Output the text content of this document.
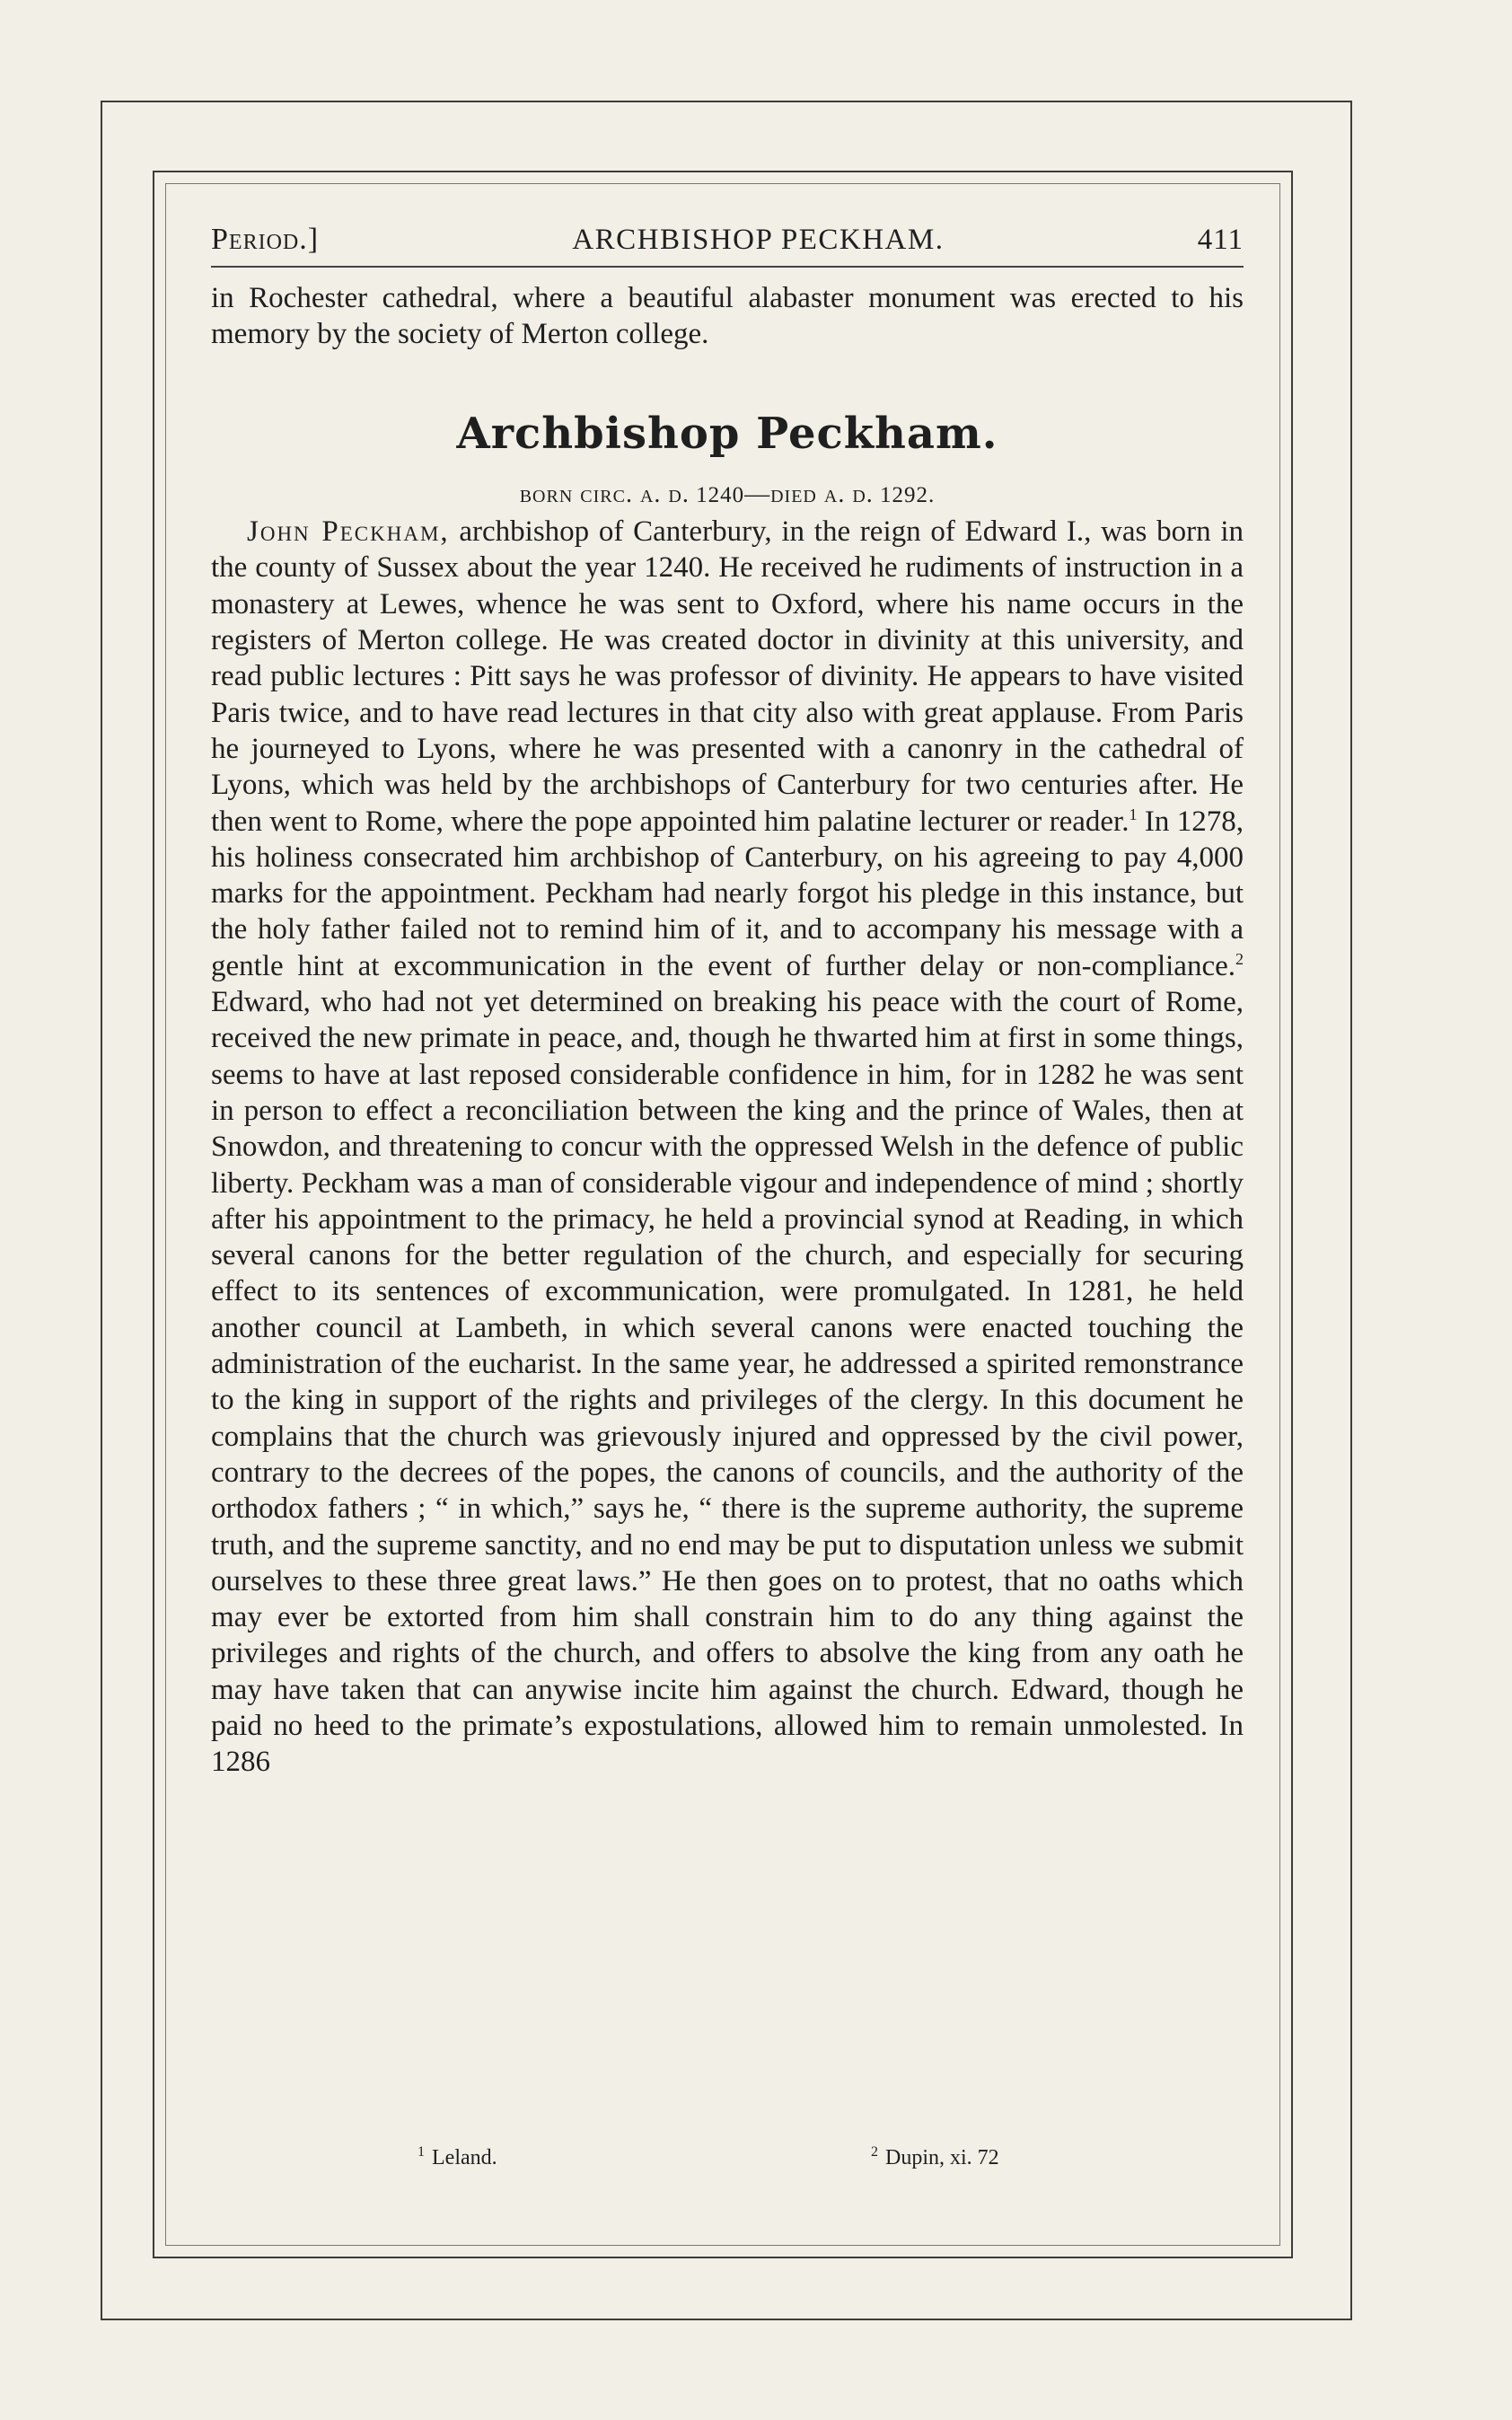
Period.]	ARCHBISHOP PECKHAM.	411

in Rochester cathedral, where a beautiful alabaster monument was erected to his memory by the society of Merton college.

Archbishop Peckham.

born circ. a. d. 1240—died a. d. 1292.

John Peckham, archbishop of Canterbury, in the reign of Edward I., was born in the county of Sussex about the year 1240. He received he rudiments of instruction in a monastery at Lewes, whence he was sent to Oxford, where his name occurs in the registers of Merton college. He was created doctor in divinity at this university, and read public lectures : Pitt says he was professor of divinity. He appears to have visited Paris twice, and to have read lectures in that city also with great applause. From Paris he journeyed to Lyons, where he was presented with a canonry in the cathedral of Lyons, which was held by the archbishops of Canterbury for two centuries after. He then went to Rome, where the pope appointed him palatine lecturer or reader.$^1$ In 1278, his holiness consecrated him archbishop of Canterbury, on his agreeing to pay 4,000 marks for the appointment. Peckham had nearly forgot his pledge in this instance, but the holy father failed not to remind him of it, and to accompany his message with a gentle hint at excommunication in the event of further delay or non-compliance.$^2$ Edward, who had not yet determined on breaking his peace with the court of Rome, received the new primate in peace, and, though he thwarted him at first in some things, seems to have at last reposed considerable confidence in him, for in 1282 he was sent in person to effect a reconciliation between the king and the prince of Wales, then at Snowdon, and threatening to concur with the oppressed Welsh in the defence of public liberty. Peckham was a man of considerable vigour and independence of mind ; shortly after his appointment to the primacy, he held a provincial synod at Reading, in which several canons for the better regulation of the church, and especially for securing effect to its sentences of excommunication, were promulgated. In 1281, he held another council at Lambeth, in which several canons were enacted touching the administration of the eucharist. In the same year, he addressed a spirited remonstrance to the king in support of the rights and privileges of the clergy. In this document he complains that the church was grievously injured and oppressed by the civil power, contrary to the decrees of the popes, the canons of councils, and the authority of the orthodox fathers ; “ in which,” says he, “ there is the supreme authority, the supreme truth, and the supreme sanctity, and no end may be put to disputation unless we submit ourselves to these three great laws.” He then goes on to protest, that no oaths which may ever be extorted from him shall constrain him to do any thing against the privileges and rights of the church, and offers to absolve the king from any oath he may have taken that can anywise incite him against the church. Edward, though he paid no heed to the primate’s expostulations, allowed him to remain unmolested. In 1286

$^1$ Leland.	$^2$ Dupin, xi. 72
